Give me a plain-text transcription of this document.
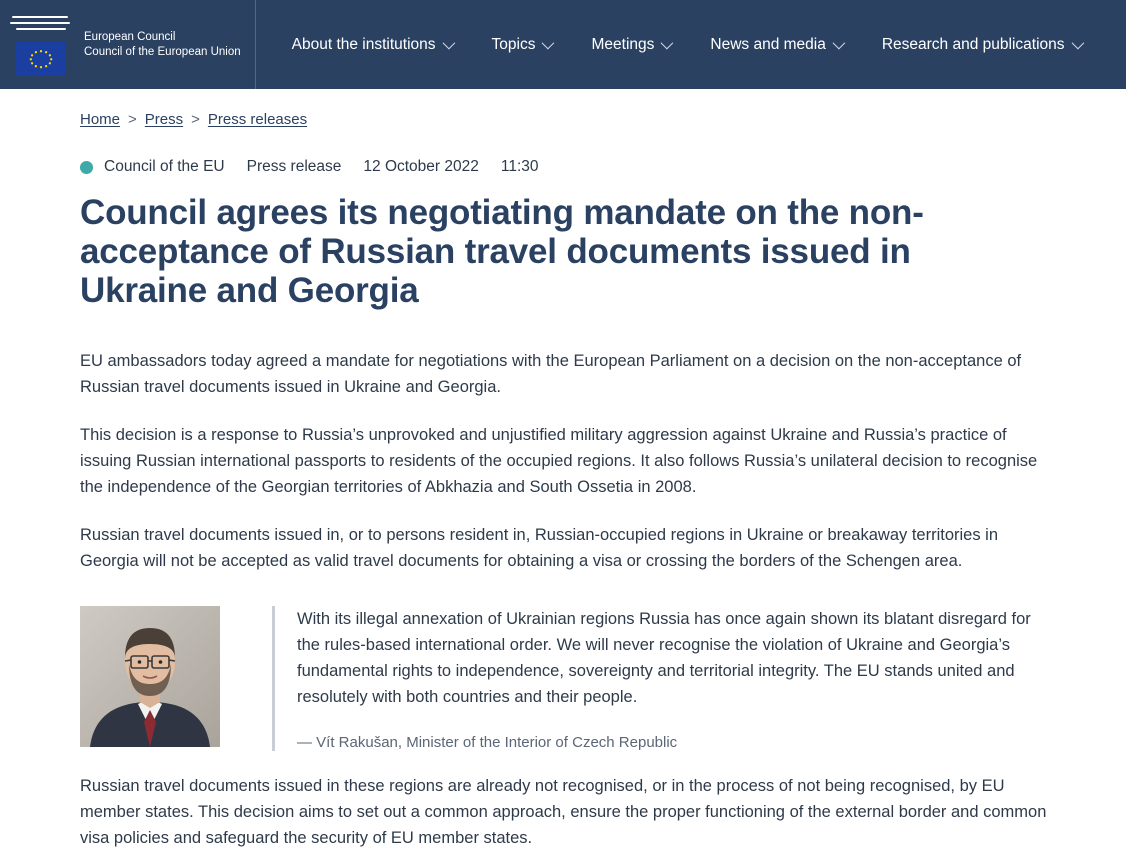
European Council
Council of the European Union	About the institutions	Topics	Meetings	News and media	Research and publications
Home > Press > Press releases
Council of the EU Press release 12 October 2022 11:30
Council agrees its negotiating mandate on the non-acceptance of Russian travel documents issued in Ukraine and Georgia

EU ambassadors today agreed a mandate for negotiations with the European Parliament on a decision on the non-acceptance of Russian travel documents issued in Ukraine and Georgia.

This decision is a response to Russia’s unprovoked and unjustified military aggression against Ukraine and Russia’s practice of issuing Russian international passports to residents of the occupied regions. It also follows Russia’s unilateral decision to recognise the independence of the Georgian territories of Abkhazia and South Ossetia in 2008.

Russian travel documents issued in, or to persons resident in, Russian-occupied regions in Ukraine or breakaway territories in Georgia will not be accepted as valid travel documents for obtaining a visa or crossing the borders of the Schengen area.

With its illegal annexation of Ukrainian regions Russia has once again shown its blatant disregard for the rules-based international order. We will never recognise the violation of Ukraine and Georgia’s fundamental rights to independence, sovereignty and territorial integrity. The EU stands united and resolutely with both countries and their people.

— Vít Rakušan, Minister of the Interior of Czech Republic

Russian travel documents issued in these regions are already not recognised, or in the process of not being recognised, by EU member states. This decision aims to set out a common approach, ensure the proper functioning of the external border and common visa policies and safeguard the security of EU member states.
